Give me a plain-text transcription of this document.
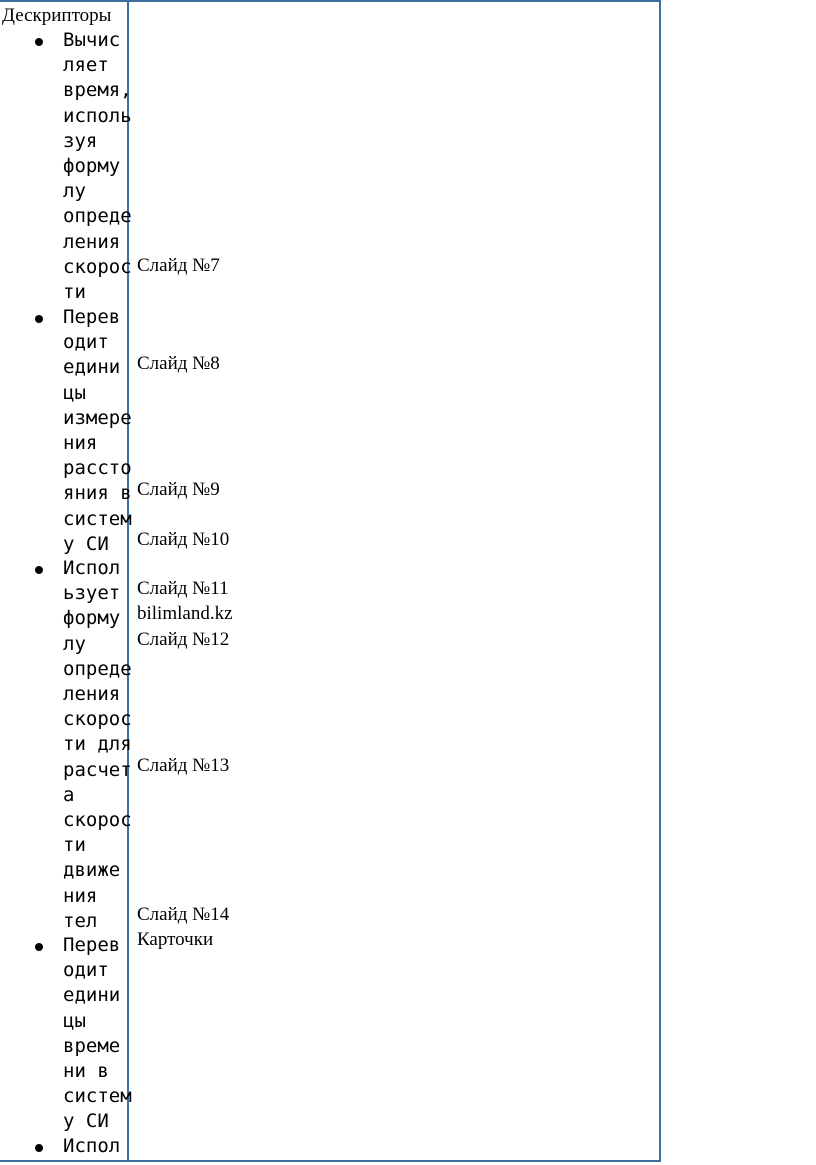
Дескрипторы
Вычис
ляет
время,
исполь
зуя
форму
лу
опреде
ления
скорос
ти
Перев
одит
едини
цы
измере
ния
рассто
яния в
систем
у СИ
Испол
ьзует
форму
лу
опреде
ления
скорос
ти для
расчет
а
скорос
ти
движе
ния
тел
Перев
одит
едини
цы
време
ни в
систем
у СИ
Испол
Слайд №7
Слайд №8
Слайд №9
Слайд №10
Слайд №11
bilimland.kz
Слайд №12
Слайд №13
Слайд №14
Карточки
